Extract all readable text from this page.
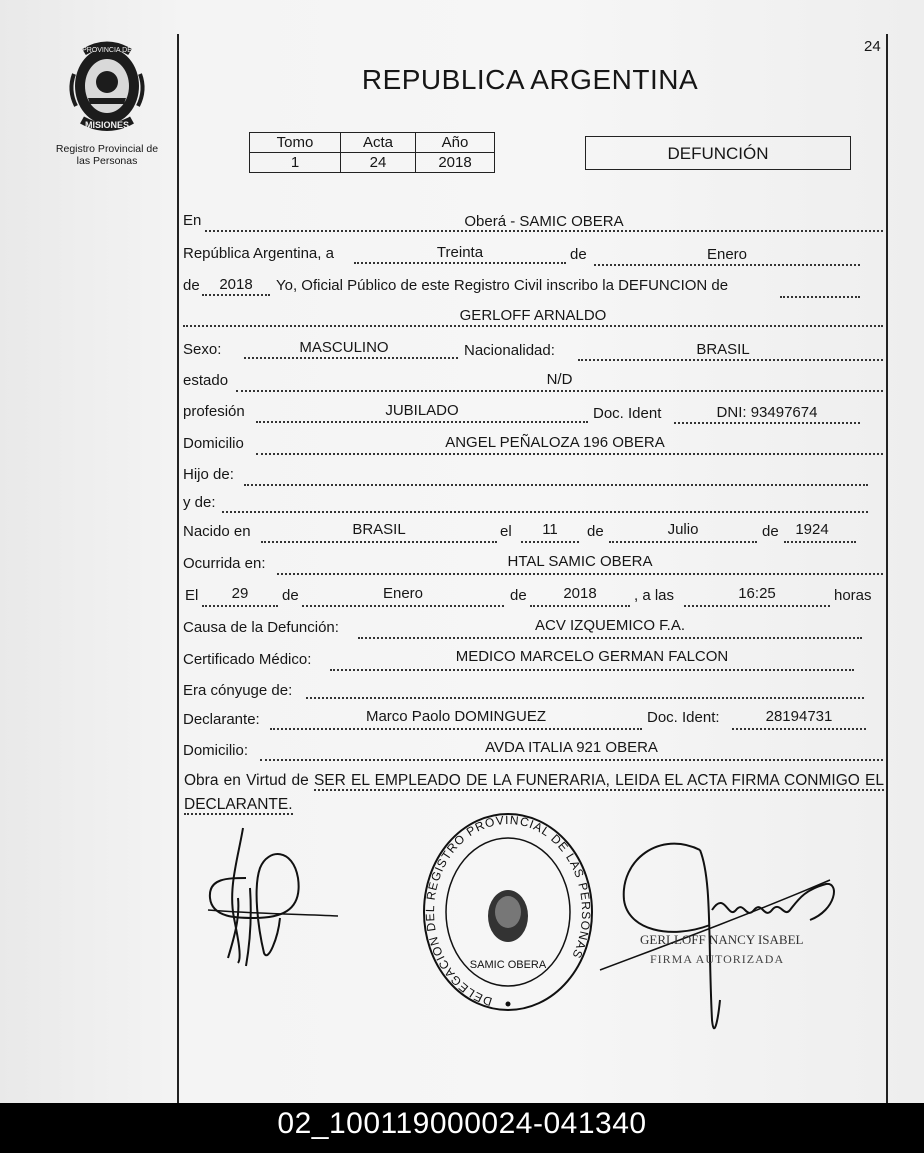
24
PROVINCIA DE
MISIONES
Registro Provincial de
las Personas
REPUBLICA ARGENTINA
Tomo	Acta	Año
1	24	2018	DEFUNCIÓN
En	Oberá - SAMIC OBERA
República Argentina, a	Treinta	de	Enero
de	2018	Yo, Oficial Público de este Registro Civil inscribo la DEFUNCION de
GERLOFF ARNALDO
Sexo:	MASCULINO	Nacionalidad:	BRASIL
estado	N/D
profesión	JUBILADO	Doc. Ident	DNI: 93497674
Domicilio	ANGEL PEÑALOZA 196 OBERA
Hijo de:
y de:
Nacido en	BRASIL	el	11	de	Julio	de	1924
Ocurrida en:	HTAL SAMIC OBERA
El	29	de	Enero	de	2018	, a las	16:25	horas
Causa de la Defunción:	ACV IZQUEMICO F.A.
Certificado Médico:	MEDICO MARCELO GERMAN FALCON
Era cónyuge de:
Declarante:	Marco Paolo DOMINGUEZ	Doc. Ident:	28194731
Domicilio:	AVDA ITALIA 921 OBERA
Obra en Virtud de SER EL EMPLEADO DE LA FUNERARIA, LEIDA EL ACTA FIRMA CONMIGO EL DECLARANTE.
DELEGACIÓN DEL REGISTRO PROVINCIAL DE LAS PERSONAS
SAMIC OBERA
GERLLOFF NANCY ISABEL
FIRMA AUTORIZADA
02_100119000024-041340
